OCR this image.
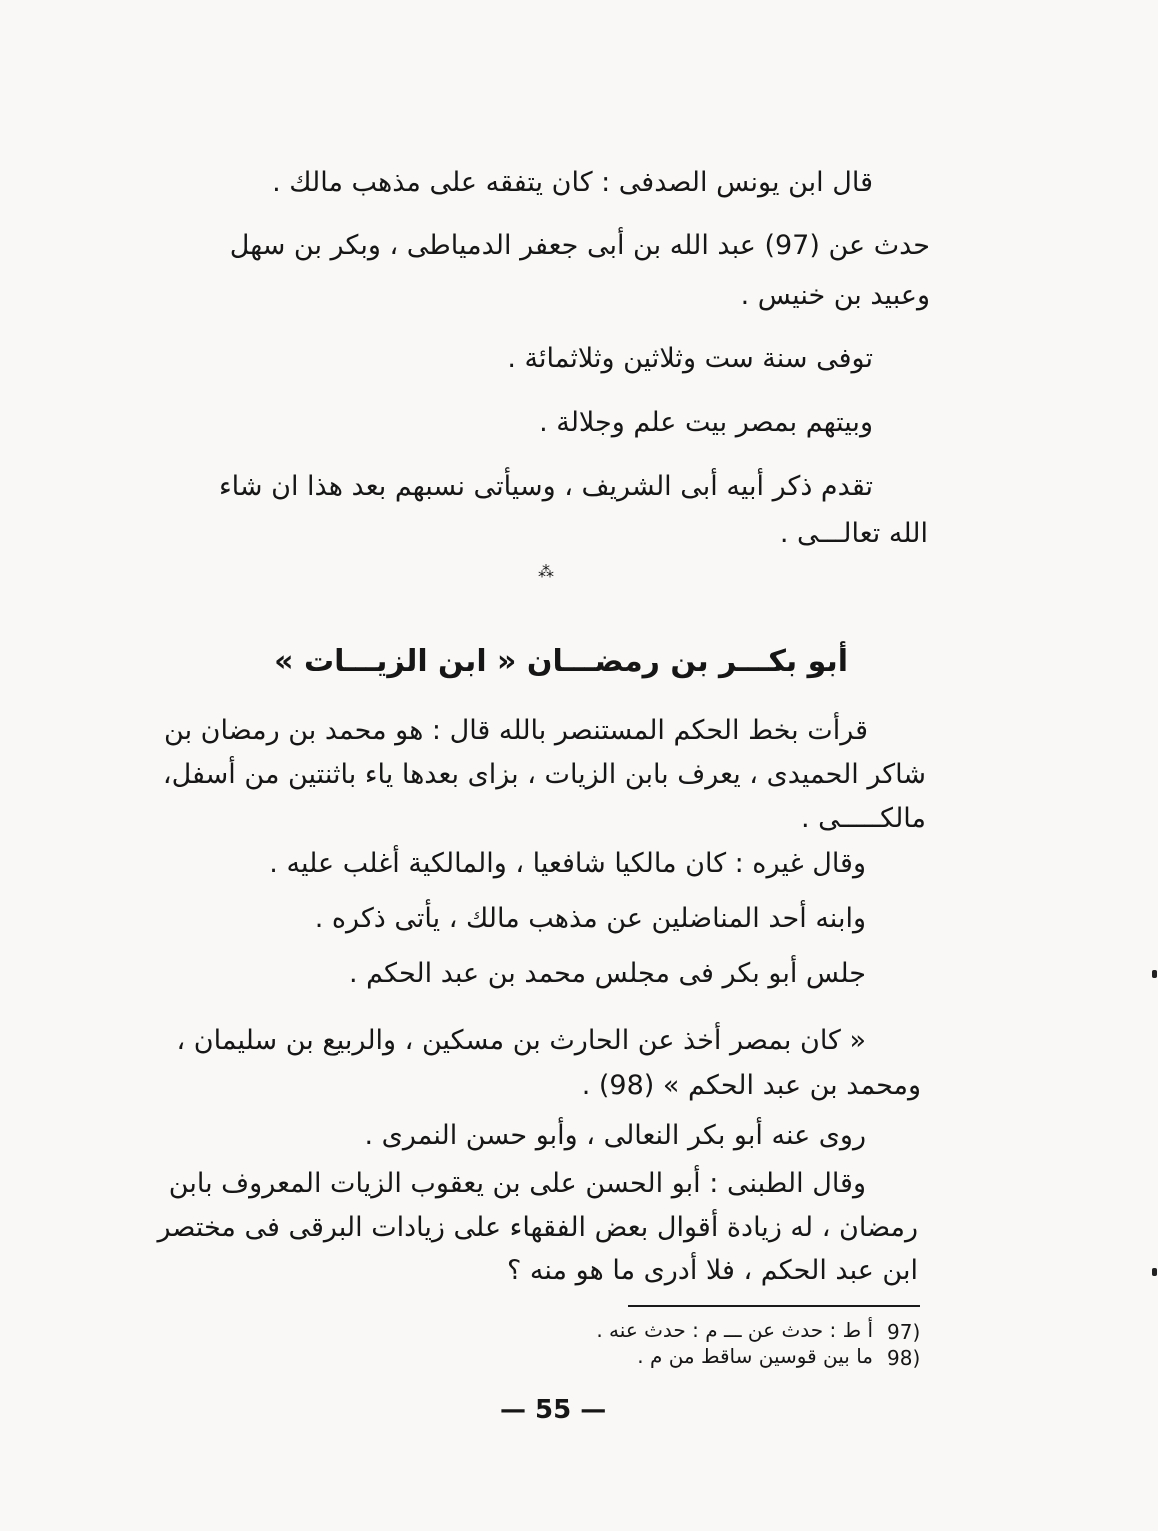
قال ابن يونس الصدفى : كان يتفقه على مذهب مالك .
حدث عن (97) عبد الله بن أبى جعفر الدمياطى ، وبكر بن سهل
وعبيد بن خنيس .
توفى سنة ست وثلاثين وثلاثمائة .
وبيتهم بمصر بيت علم وجلالة .
تقدم ذكر أبيه أبى الشريف ، وسيأتى نسبهم بعد هذا ان شاء
الله تعالـــى .
⁂
أبو بكـــر بن رمضـــان « ابن الزيـــات »
قرأت بخط الحكم المستنصر بالله قال : هو محمد بن رمضان بن
شاكر الحميدى ، يعرف بابن الزيات ، بزاى بعدها ياء باثنتين من أسفل،
مالكـــــى .
وقال غيره : كان مالكيا شافعيا ، والمالكية أغلب عليه .
وابنه أحد المناضلين عن مذهب مالك ، يأتى ذكره .
جلس أبو بكر فى مجلس محمد بن عبد الحكم .
« كان بمصر أخذ عن الحارث بن مسكين ، والربيع بن سليمان ،
ومحمد بن عبد الحكم » (98) .
روى عنه أبو بكر النعالى ، وأبو حسن النمرى .
وقال الطبنى : أبو الحسن على بن يعقوب الزيات المعروف بابن
رمضان ، له زيادة أقوال بعض الفقهاء على زيادات البرقى فى مختصر
ابن عبد الحكم ، فلا أدرى ما هو منه ؟
97)
أ ط : حدث عن ـــ م : حدث عنه .
98)
ما بين قوسين ساقط من م .
— 55 —
